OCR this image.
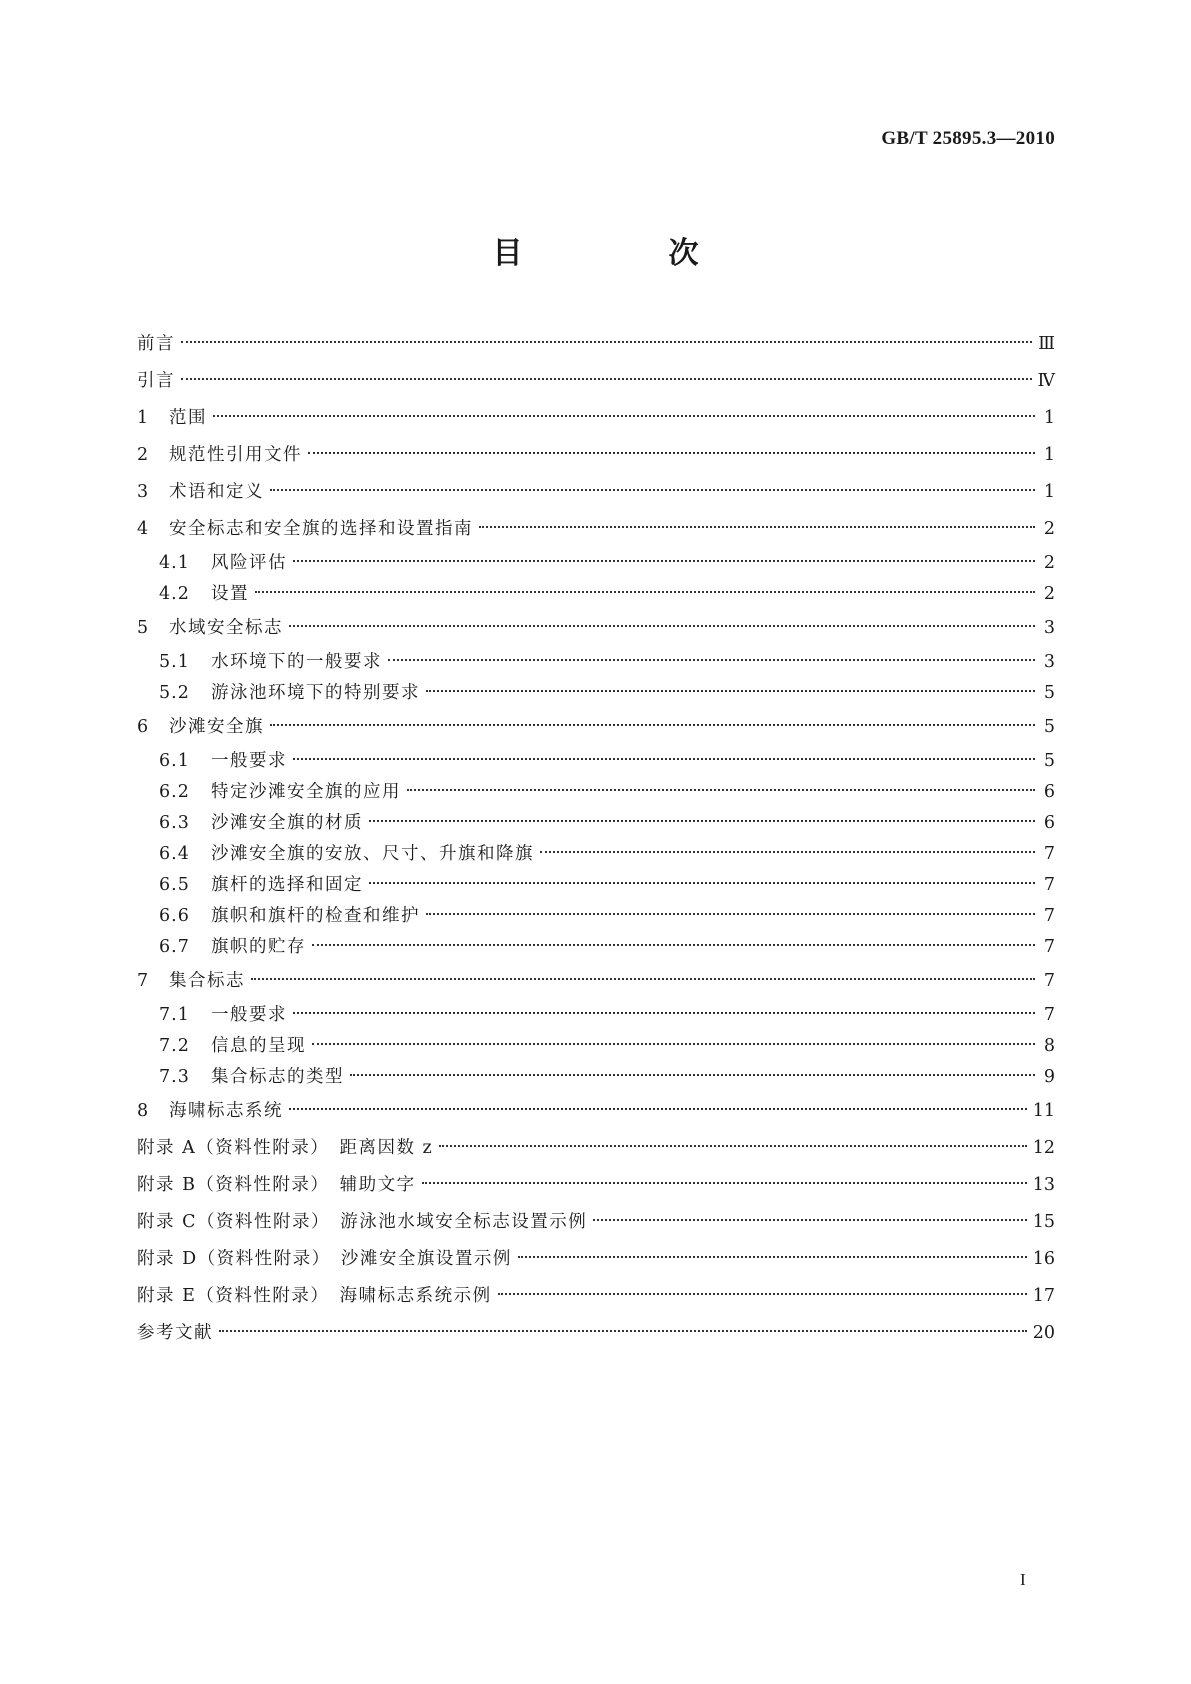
GB/T 25895.3—2010
目　次
前言	Ⅲ
引言	Ⅳ
1	范围	1
2	规范性引用文件	1
3	术语和定义	1
4	安全标志和安全旗的选择和设置指南	2
4.1	风险评估	2
4.2	设置	2
5	水域安全标志	3
5.1	水环境下的一般要求	3
5.2	游泳池环境下的特别要求	5
6	沙滩安全旗	5
6.1	一般要求	5
6.2	特定沙滩安全旗的应用	6
6.3	沙滩安全旗的材质	6
6.4	沙滩安全旗的安放、尺寸、升旗和降旗	7
6.5	旗杆的选择和固定	7
6.6	旗帜和旗杆的检查和维护	7
6.7	旗帜的贮存	7
7	集合标志	7
7.1	一般要求	7
7.2	信息的呈现	8
7.3	集合标志的类型	9
8	海啸标志系统	11
附录 A（资料性附录）　距离因数 z	12
附录 B（资料性附录）　辅助文字	13
附录 C（资料性附录）　游泳池水域安全标志设置示例	15
附录 D（资料性附录）　沙滩安全旗设置示例	16
附录 E（资料性附录）　海啸标志系统示例	17
参考文献	20
I
